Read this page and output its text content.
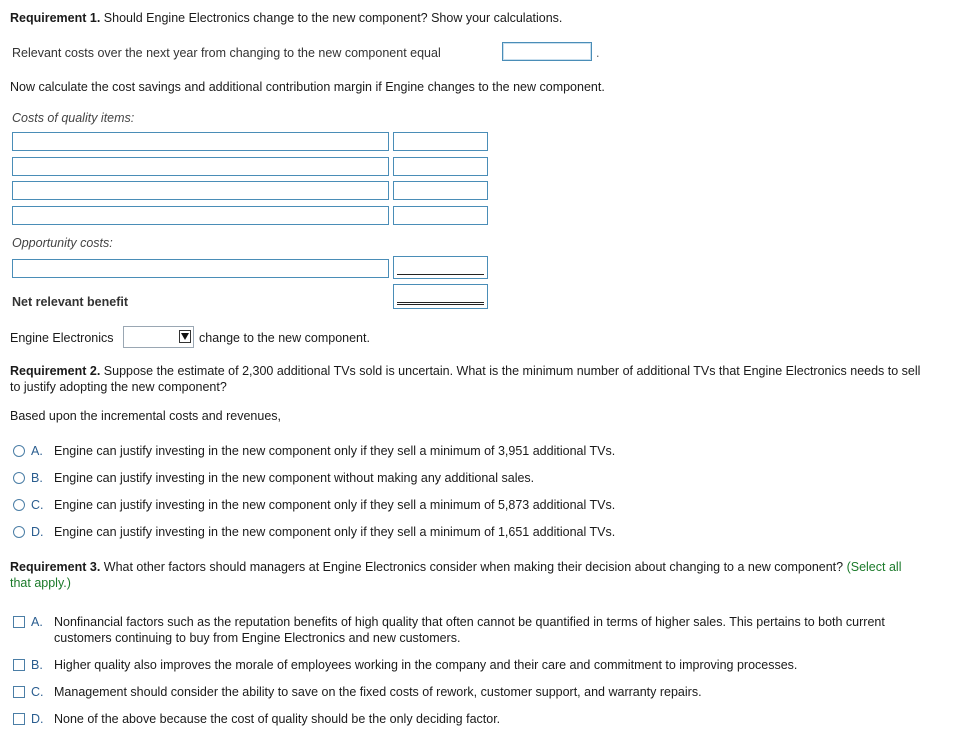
Requirement 1. Should Engine Electronics change to the new component? Show your calculations.
Relevant costs over the next year from changing to the new component equal	.
Now calculate the cost savings and additional contribution margin if Engine changes to the new component.
Costs of quality items:
Opportunity costs:
Net relevant benefit
Engine Electronics	change to the new component.
Requirement 2. Suppose the estimate of 2,300 additional TVs sold is uncertain. What is the minimum number of additional TVs that Engine Electronics needs to sell
to justify adopting the new component?
Based upon the incremental costs and revenues,
A. Engine can justify investing in the new component only if they sell a minimum of 3,951 additional TVs.
B. Engine can justify investing in the new component without making any additional sales.
C. Engine can justify investing in the new component only if they sell a minimum of 5,873 additional TVs.
D. Engine can justify investing in the new component only if they sell a minimum of 1,651 additional TVs.
Requirement 3. What other factors should managers at Engine Electronics consider when making their decision about changing to a new component? (Select all
that apply.)
A. Nonfinancial factors such as the reputation benefits of high quality that often cannot be quantified in terms of higher sales. This pertains to both current
customers continuing to buy from Engine Electronics and new customers.
B. Higher quality also improves the morale of employees working in the company and their care and commitment to improving processes.
C. Management should consider the ability to save on the fixed costs of rework, customer support, and warranty repairs.
D. None of the above because the cost of quality should be the only deciding factor.
